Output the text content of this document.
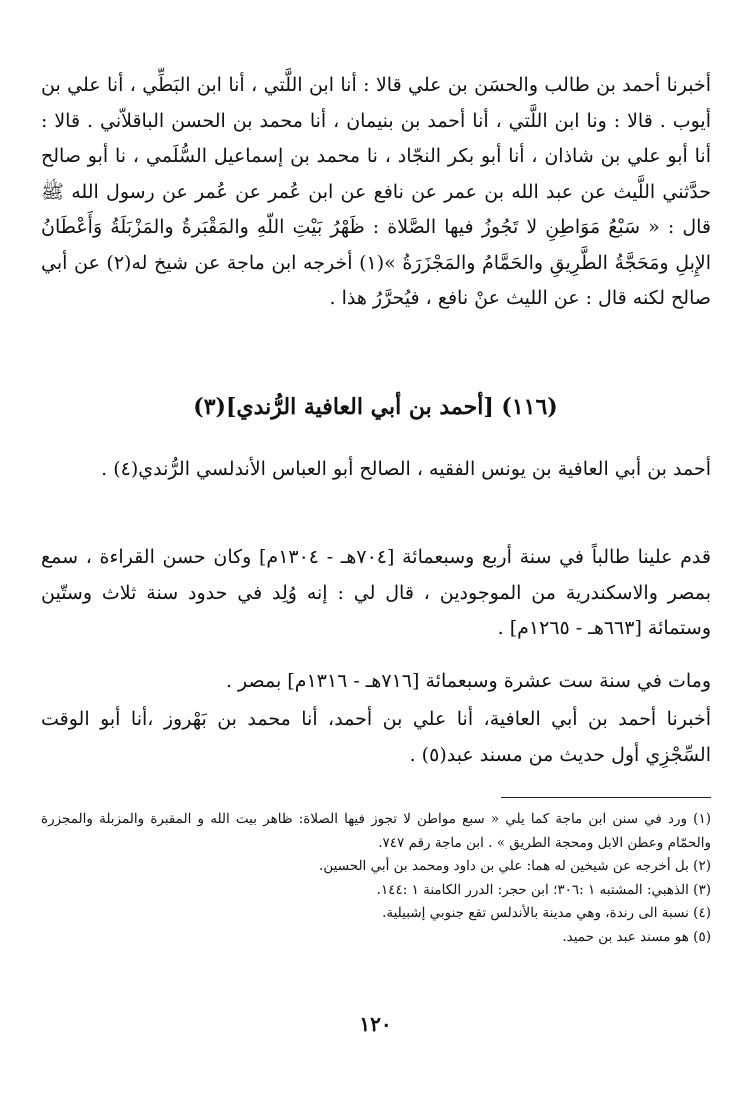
أخبرنا أحمد بن طالب والحسَن بن علي قالا : أنا ابن اللَّتي ، أنا ابن البَطِّي ، أنا علي بن أيوب . قالا : ونا ابن اللَّتي ، أنا أحمد بن بنيمان ، أنا محمد بن الحسن الباقلاّني . قالا : أنا أبو علي بن شاذان ، أنا أبو بكر النجّاد ، نا محمد بن إسماعيل السُّلَمي ، نا أبو صالح حدَّثني اللَّيث عن عبد الله بن عمر عن نافع عن ابن عُمر عن عُمر عن رسول الله ﷺ قال : « سَبْعُ مَوَاطِنِ لا تَجُوزُ فيها الصَّلاة : ظَهْرُ بَيْتِ اللّهِ والمَقْبَرةُ والمَزْبَلَةُ وَأَعْطَانُ الإِبلِ ومَحَجَّةُ الطَّرِيقِ والحَمَّامُ والمَجْزَرَةُ »(١) أخرجه ابن ماجة عن شيخ له(٢) عن أبي صالح لكنه قال : عن الليث عنْ نافع ، فيُحرَّرُ هذا .

(١١٦) [أحمد بن أبي العافية الرُّندي](٣)

أحمد بن أبي العافية بن يونس الفقيه ، الصالح أبو العباس الأندلسي الرُّندي(٤) .

قدم علينا طالباً في سنة أربع وسبعمائة [٧٠٤هـ - ١٣٠٤م] وكان حسن القراءة ، سمع بمصر والاسكندرية من الموجودين ، قال لي : إنه وُلِد في حدود سنة ثلاث وستّين وستمائة [٦٦٣هـ - ١٢٦٥م] .

ومات في سنة ست عشرة وسبعمائة [٧١٦هـ - ١٣١٦م] بمصر .

أخبرنا أحمد بن أبي العافية، أنا علي بن أحمد، أنا محمد بن بَهْروز ،أنا أبو الوقت السِّجْزِي أول حديث من مسند عبد(٥) .

(١) ورد في سنن ابن ماجة كما يلي « سبع مواطن لا تجوز فيها الصلاة: ظاهر بيت الله و المقبرة والمزبلة والمجزرة والحمّام وعطن الابل ومحجة الطريق » . ابن ماجة رقم ٧٤٧.
(٢) بل أخرجه عن شيخين له هما: علي بن داود ومحمد بن أبي الحسين.
(٣) الذهبي: المشتبه ١ :٣٠٦؛ ابن حجر: الدرر الكامنة ١ :١٤٤.
(٤) نسبة الى رندة، وهي مدينة بالأندلس تقع جنوبي إشبيلية.
(٥) هو مسند عبد بن حميد.
١٢٠
